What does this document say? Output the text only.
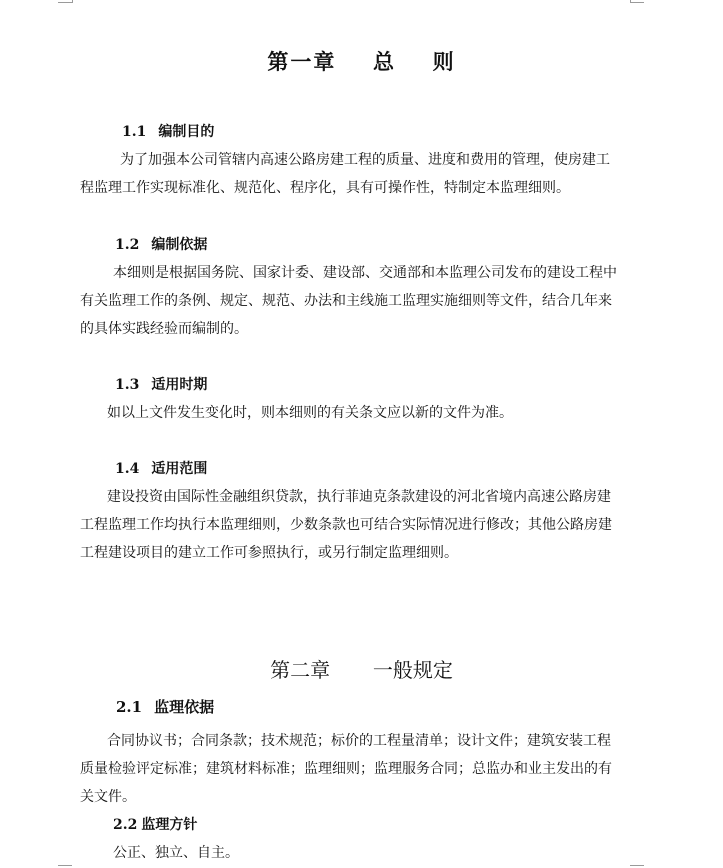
第一章 总 则
1.1 编制目的
为了加强本公司管辖内高速公路房建工程的质量、进度和费用的管理，使房建工
程监理工作实现标准化、规范化、程序化，具有可操作性，特制定本监理细则。
1.2 编制依据
本细则是根据国务院、国家计委、建设部、交通部和本监理公司发布的建设工程中
有关监理工作的条例、规定、规范、办法和主线施工监理实施细则等文件，结合几年来
的具体实践经验而编制的。
1.3 适用时期
如以上文件发生变化时，则本细则的有关条文应以新的文件为准。
1.4 适用范围
建设投资由国际性金融组织贷款，执行菲迪克条款建设的河北省境内高速公路房建
工程监理工作均执行本监理细则，少数条款也可结合实际情况进行修改；其他公路房建
工程建设项目的建立工作可参照执行，或另行制定监理细则。
第二章 一般规定
2.1 监理依据
合同协议书；合同条款；技术规范；标价的工程量清单；设计文件；建筑安装工程
质量检验评定标准；建筑材料标准；监理细则；监理服务合同；总监办和业主发出的有
关文件。
2.2 监理方针
公正、独立、自主。
